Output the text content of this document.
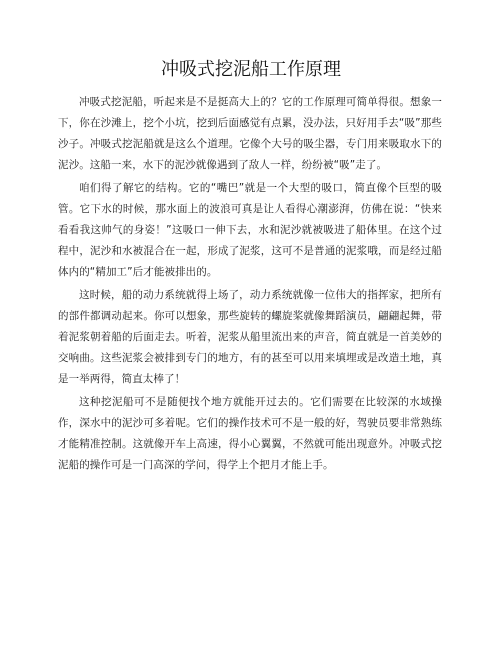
冲吸式挖泥船工作原理

冲吸式挖泥船，听起来是不是挺高大上的？它的工作原理可简单得很。想象一下，你在沙滩上，挖个小坑，挖到后面感觉有点累，没办法，只好用手去“吸”那些沙子。冲吸式挖泥船就是这么个道理。它像个大号的吸尘器，专门用来吸取水下的泥沙。这船一来，水下的泥沙就像遇到了敌人一样，纷纷被“吸”走了。

咱们得了解它的结构。它的“嘴巴”就是一个大型的吸口，简直像个巨型的吸管。它下水的时候，那水面上的波浪可真是让人看得心潮澎湃，仿佛在说：“快来看看我这帅气的身姿！”这吸口一伸下去，水和泥沙就被吸进了船体里。在这个过程中，泥沙和水被混合在一起，形成了泥浆，这可不是普通的泥浆哦，而是经过船体内的“精加工”后才能被排出的。

这时候，船的动力系统就得上场了，动力系统就像一位伟大的指挥家，把所有的部件都调动起来。你可以想象，那些旋转的螺旋桨就像舞蹈演员，翩翩起舞，带着泥浆朝着船的后面走去。听着，泥浆从船里流出来的声音，简直就是一首美妙的交响曲。这些泥浆会被排到专门的地方，有的甚至可以用来填埋或是改造土地，真是一举两得，简直太棒了！

这种挖泥船可不是随便找个地方就能开过去的。它们需要在比较深的水域操作，深水中的泥沙可多着呢。它们的操作技术可不是一般的好，驾驶员要非常熟练才能精准控制。这就像开车上高速，得小心翼翼，不然就可能出现意外。冲吸式挖泥船的操作可是一门高深的学问，得学上个把月才能上手。
